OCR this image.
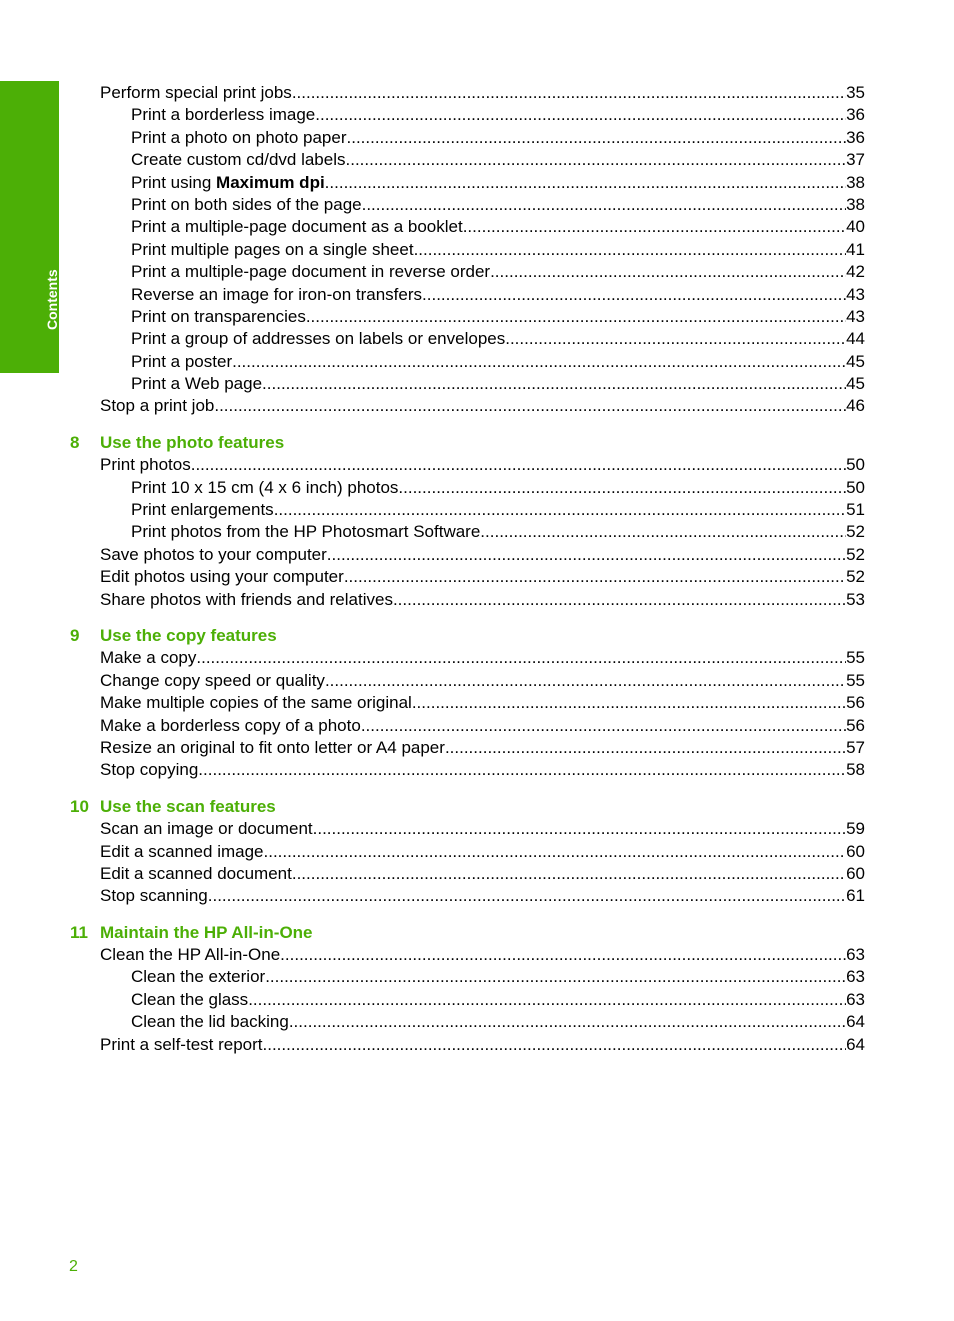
Contents
Perform special print jobs .....	35
Print a borderless image .....	36
Print a photo on photo paper .....	36
Create custom cd/dvd labels .....	37
Print using Maximum dpi .....	38
Print on both sides of the page .....	38
Print a multiple-page document as a booklet .....	40
Print multiple pages on a single sheet .....	41
Print a multiple-page document in reverse order .....	42
Reverse an image for iron-on transfers .....	43
Print on transparencies .....	43
Print a group of addresses on labels or envelopes .....	44
Print a poster .....	45
Print a Web page .....	45
Stop a print job .....	46
8 Use the photo features
Print photos .....	50
Print 10 x 15 cm (4 x 6 inch) photos .....	50
Print enlargements .....	51
Print photos from the HP Photosmart Software .....	52
Save photos to your computer .....	52
Edit photos using your computer .....	52
Share photos with friends and relatives .....	53
9 Use the copy features
Make a copy .....	55
Change copy speed or quality .....	55
Make multiple copies of the same original .....	56
Make a borderless copy of a photo .....	56
Resize an original to fit onto letter or A4 paper .....	57
Stop copying .....	58
10 Use the scan features
Scan an image or document .....	59
Edit a scanned image .....	60
Edit a scanned document .....	60
Stop scanning .....	61
11 Maintain the HP All-in-One
Clean the HP All-in-One .....	63
Clean the exterior .....	63
Clean the glass .....	63
Clean the lid backing .....	64
Print a self-test report .....	64
2
